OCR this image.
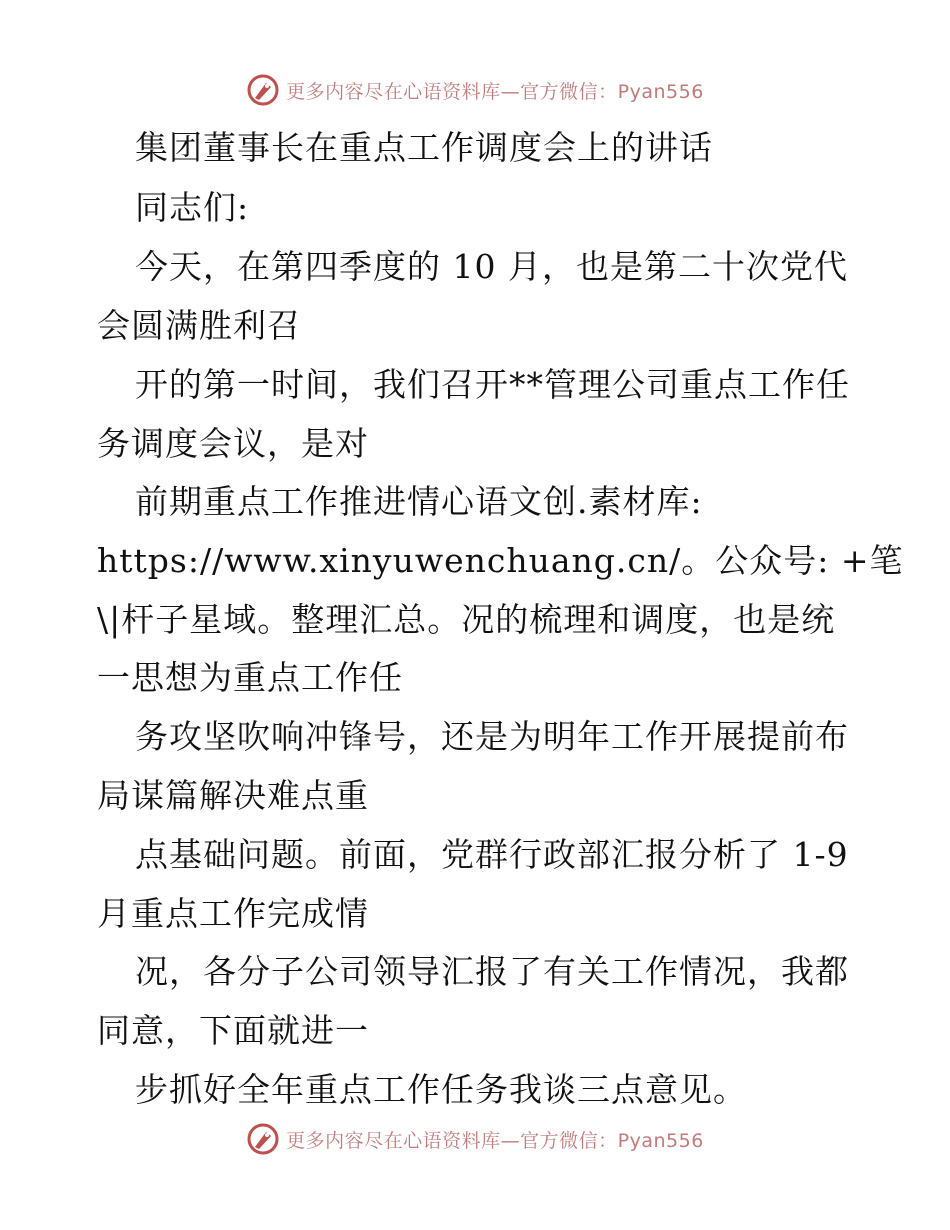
更多内容尽在心语资料库—官方微信：Pyan556
集团董事长在重点工作调度会上的讲话
同志们:
今天，在第四季度的 10 月，也是第二十次党代
会圆满胜利召
开的第一时间，我们召开**管理公司重点工作任
务调度会议，是对
前期重点工作推进情心语文创.素材库:
https://www.xinyuwenchuang.cn/。公众号: +笔
\|杆子星域。整理汇总。况的梳理和调度，也是统
一思想为重点工作任
务攻坚吹响冲锋号，还是为明年工作开展提前布
局谋篇解决难点重
点基础问题。前面，党群行政部汇报分析了 1-9
月重点工作完成情
况，各分子公司领导汇报了有关工作情况，我都
同意，下面就进一
步抓好全年重点工作任务我谈三点意见。
更多内容尽在心语资料库—官方微信：Pyan556
